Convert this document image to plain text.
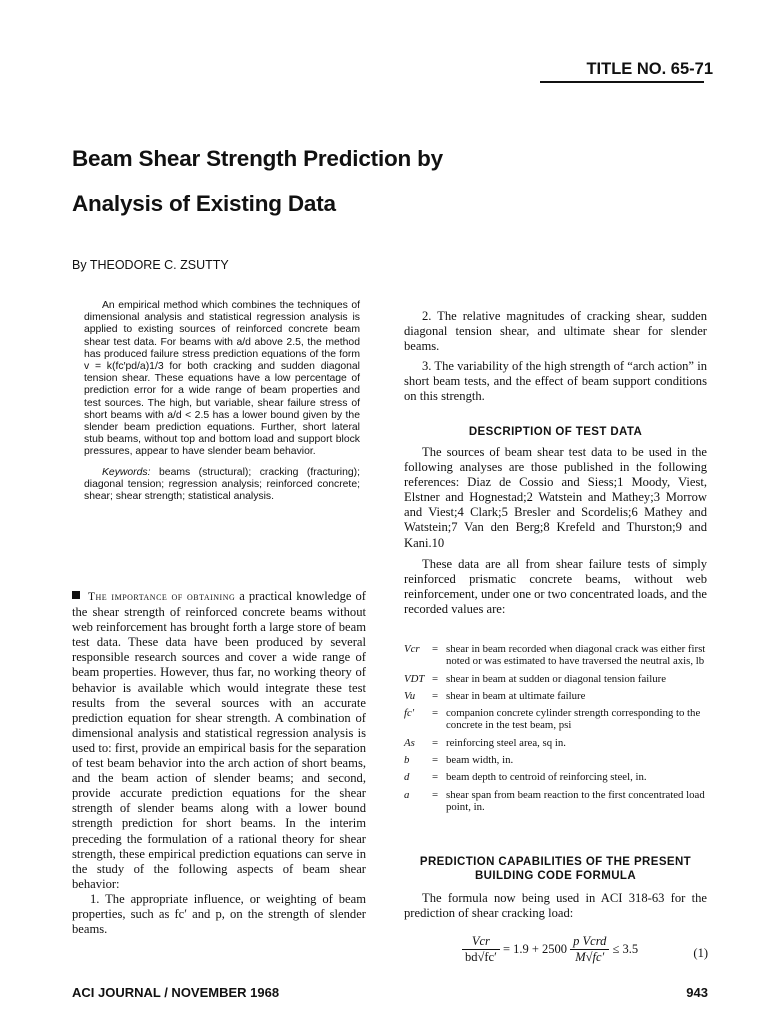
TITLE NO. 65-71
Beam Shear Strength Prediction by
Analysis of Existing Data
By THEODORE C. ZSUTTY

An empirical method which combines the techniques of dimensional analysis and statistical regression analysis is applied to existing sources of reinforced concrete beam shear test data. For beams with a/d above 2.5, the method has produced failure stress prediction equations of the form v = k(fc′pd/a)1/3 for both cracking and sudden diagonal tension shear. These equations have a low percentage of prediction error for a wide range of beam properties and test sources. The high, but variable, shear failure stress of short beams with a/d < 2.5 has a lower bound given by the slender beam prediction equations. Further, short lateral stub beams, without top and bottom load and support block pressures, appear to have slender beam behavior.

Keywords: beams (structural); cracking (fracturing); diagonal tension; regression analysis; reinforced concrete; shear; shear strength; statistical analysis.

The importance of obtaining a practical knowledge of the shear strength of reinforced concrete beams without web reinforcement has brought forth a large store of beam test data. These data have been produced by several responsible research sources and cover a wide range of beam properties. However, thus far, no working theory of behavior is available which would integrate these test results from the several sources with an accurate prediction equation for shear strength. A combination of dimensional analysis and statistical regression analysis is used to: first, provide an empirical basis for the separation of test beam behavior into the arch action of short beams, and the beam action of slender beams; and second, provide accurate prediction equations for the shear strength of slender beams along with a lower bound strength prediction for short beams. In the interim preceding the formulation of a rational theory for shear strength, these empirical prediction equations can serve in the study of the following aspects of beam shear behavior:

1. The appropriate influence, or weighting of beam properties, such as fc′ and p, on the strength of slender beams.

2. The relative magnitudes of cracking shear, sudden diagonal tension shear, and ultimate shear for slender beams.

3. The variability of the high strength of “arch action” in short beam tests, and the effect of beam support conditions on this strength.

DESCRIPTION OF TEST DATA

The sources of beam shear test data to be used in the following analyses are those published in the following references: Diaz de Cossio and Siess;1 Moody, Viest, Elstner and Hognestad;2 Watstein and Mathey;3 Morrow and Viest;4 Clark;5 Bresler and Scordelis;6 Mathey and Watstein;7 Van den Berg;8 Krefeld and Thurston;9 and Kani.10

These data are all from shear failure tests of simply reinforced prismatic concrete beams, without web reinforcement, under one or two concentrated loads, and the recorded values are:

Vcr	= shear in beam recorded when diagonal crack was either first noted or was estimated to have traversed the neutral axis, lb
VDT = shear in beam at sudden or diagonal tension failure
Vu	= shear in beam at ultimate failure
fc′	= companion concrete cylinder strength corresponding to the concrete in the test beam, psi
As	= reinforcing steel area, sq in.
b	= beam width, in.
d	= beam depth to centroid of reinforcing steel, in.
a	= shear span from beam reaction to the first concentrated load point, in.
PREDICTION CAPABILITIES OF THE PRESENT BUILDING CODE FORMULA

The formula now being used in ACI 318-63 for the prediction of shear cracking load:

$\frac{\text{Vcr}}{bd√fc'} = 1.9 + 2500 \frac{\text{p Vcrd}}{M√fc'} \le 3.5$	(1)
ACI JOURNAL / NOVEMBER 1968	943
